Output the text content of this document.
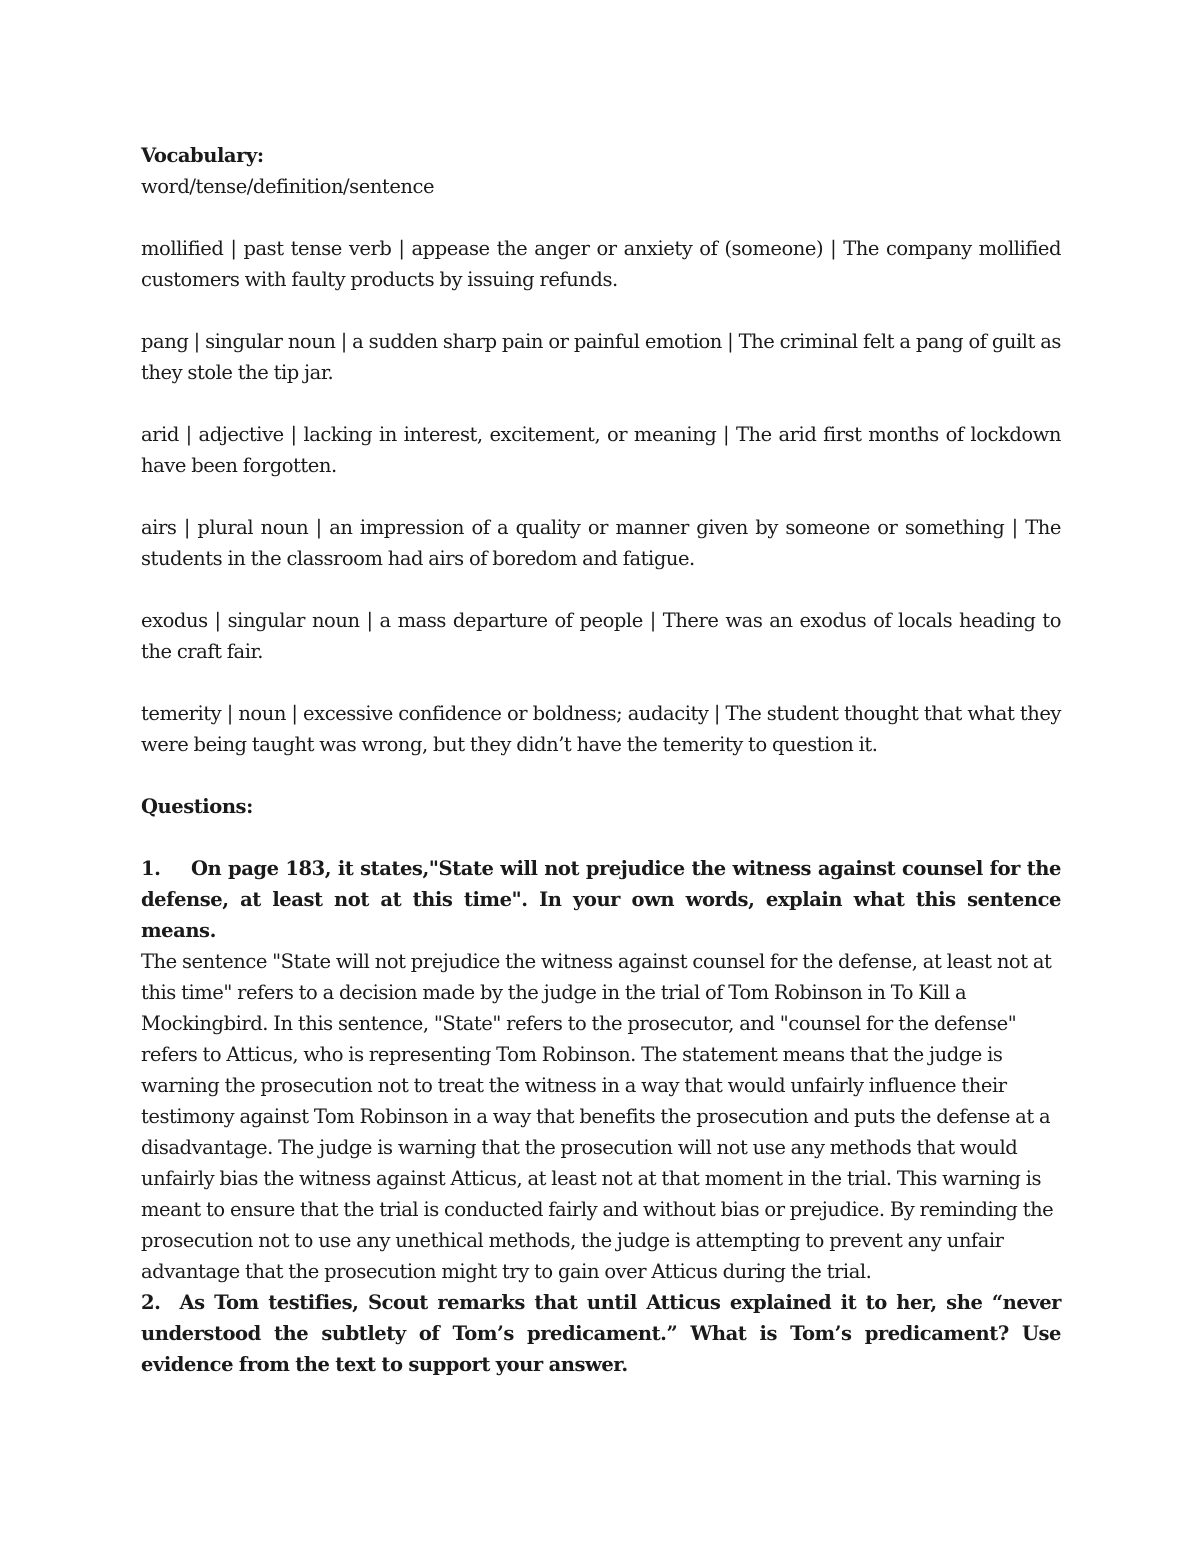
Vocabulary:

word/tense/definition/sentence

mollified | past tense verb | appease the anger or anxiety of (someone) | The company mollified customers with faulty products by issuing refunds.

pang | singular noun | a sudden sharp pain or painful emotion | The criminal felt a pang of guilt as they stole the tip jar.

arid | adjective | lacking in interest, excitement, or meaning | The arid first months of lockdown have been forgotten.

airs | plural noun | an impression of a quality or manner given by someone or something | The students in the classroom had airs of boredom and fatigue.

exodus | singular noun | a mass departure of people | There was an exodus of locals heading to the craft fair.

temerity | noun | excessive confidence or boldness; audacity | The student thought that what they were being taught was wrong, but they didn’t have the temerity to question it.

Questions:

1. On page 183, it states,"State will not prejudice the witness against counsel for the defense, at least not at this time". In your own words, explain what this sentence means.

The sentence "State will not prejudice the witness against counsel for the defense, at least not at this time" refers to a decision made by the judge in the trial of Tom Robinson in To Kill a Mockingbird. In this sentence, "State" refers to the prosecutor, and "counsel for the defense" refers to Atticus, who is representing Tom Robinson. The statement means that the judge is warning the prosecution not to treat the witness in a way that would unfairly influence their testimony against Tom Robinson in a way that benefits the prosecution and puts the defense at a disadvantage. The judge is warning that the prosecution will not use any methods that would unfairly bias the witness against Atticus, at least not at that moment in the trial. This warning is meant to ensure that the trial is conducted fairly and without bias or prejudice. By reminding the prosecution not to use any unethical methods, the judge is attempting to prevent any unfair advantage that the prosecution might try to gain over Atticus during the trial.

2. As Tom testifies, Scout remarks that until Atticus explained it to her, she “never understood the subtlety of Tom’s predicament.” What is Tom’s predicament? Use evidence from the text to support your answer.
